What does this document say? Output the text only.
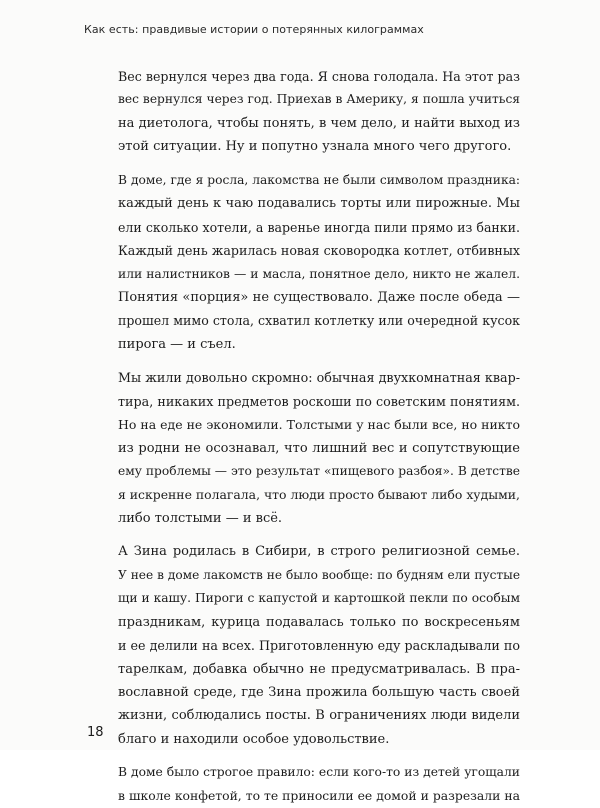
Как есть: правдивые истории о потерянных килограммах

Вес вернулся через два года. Я снова голодала. На этот раз
вес вернулся через год. Приехав в Америку, я пошла учиться
на диетолога, чтобы понять, в чем дело, и найти выход из
этой ситуации. Ну и попутно узнала много чего другого.

В доме, где я росла, лакомства не были символом праздника:
каждый день к чаю подавались торты или пирожные. Мы
ели сколько хотели, а варенье иногда пили прямо из банки.
Каждый день жарилась новая сковородка котлет, отбивных
или налистников — и масла, понятное дело, никто не жалел.
Понятия «порция» не существовало. Даже после обеда —
прошел мимо стола, схватил котлетку или очередной кусок
пирога — и съел.

Мы жили довольно скромно: обычная двухкомнатная квар-
тира, никаких предметов роскоши по советским понятиям.
Но на еде не экономили. Толстыми у нас были все, но никто
из родни не осознавал, что лишний вес и сопутствующие
ему проблемы — это результат «пищевого разбоя». В детстве
я искренне полагала, что люди просто бывают либо худыми,
либо толстыми — и всё.

А Зина родилась в Сибири, в строго религиозной семье.
У нее в доме лакомств не было вообще: по будням ели пустые
щи и кашу. Пироги с капустой и картошкой пекли по особым
праздникам, курица подавалась только по воскресеньям
и ее делили на всех. Приготовленную еду раскладывали по
тарелкам, добавка обычно не предусматривалась. В пра-
вославной среде, где Зина прожила большую часть своей
жизни, соблюдались посты. В ограничениях люди видели
благо и находили особое удовольствие.

В доме было строгое правило: если кого-то из детей угощали
в школе конфетой, то те приносили ее домой и разрезали на

18
